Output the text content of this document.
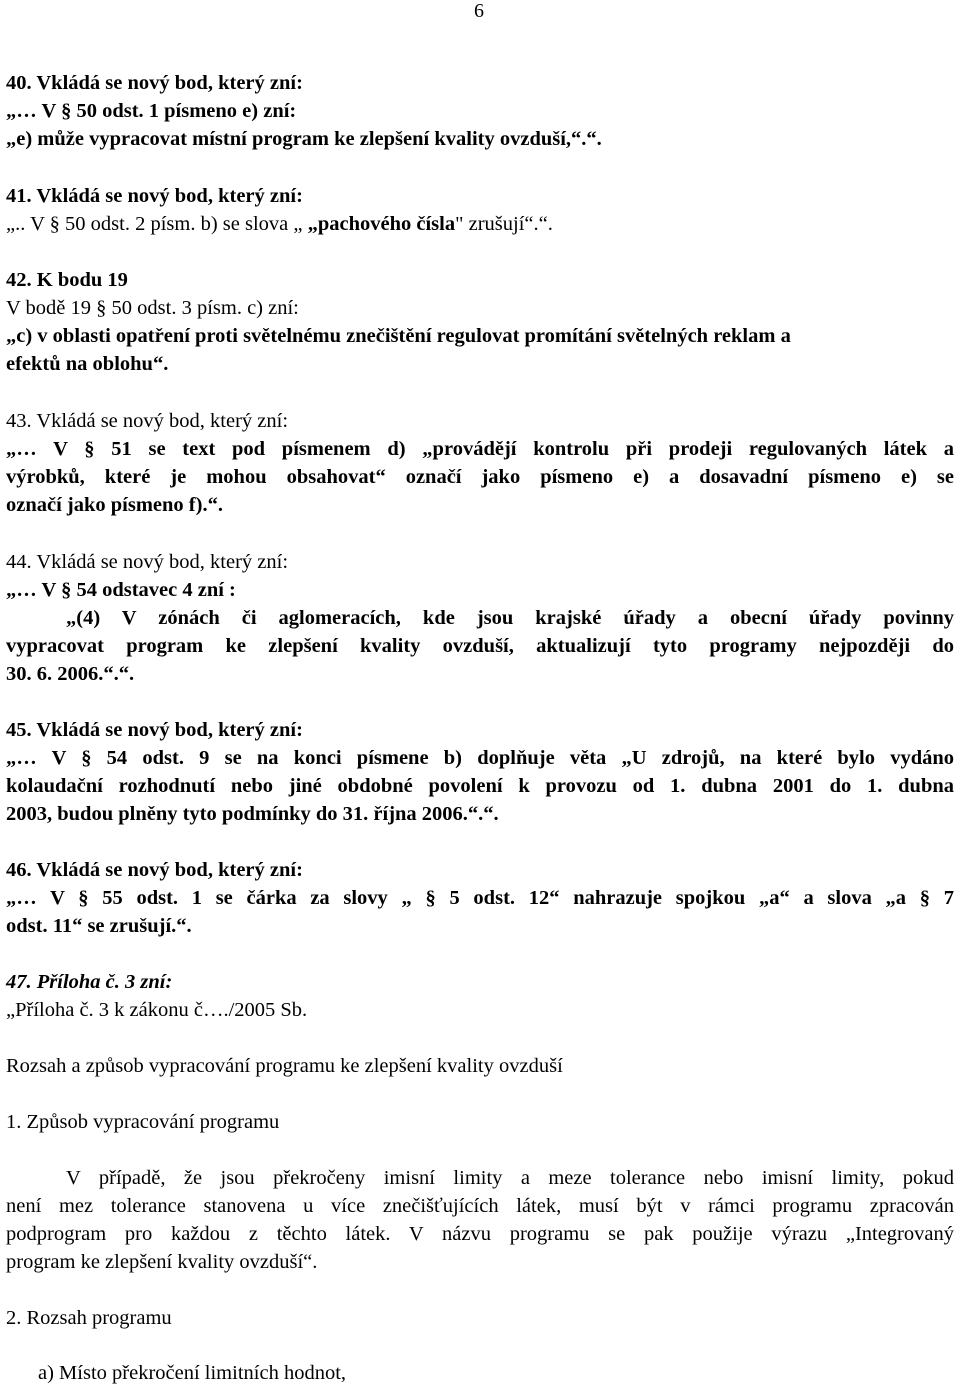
6
40. Vkládá se nový bod, který zní:
„… V § 50 odst. 1 písmeno e) zní:
„e) může vypracovat místní program ke zlepšení kvality ovzduší,“.“.
41. Vkládá se nový bod, který zní:
„.. V § 50 odst. 2 písm. b) se slova „ „pachového čísla" zrušují“.“.
42. K bodu 19
V bodě 19 § 50 odst. 3 písm. c) zní:
„c) v oblasti opatření proti světelnému znečištění regulovat promítání světelných reklam a
efektů na oblohu“.
43. Vkládá se nový bod, který zní:
„… V § 51 se text pod písmenem d) „provádějí kontrolu při prodeji regulovaných látek a
výrobků, které je mohou obsahovat“ označí jako písmeno e) a dosavadní písmeno e) se
označí jako písmeno f).“.
44. Vkládá se nový bod, který zní:
„… V § 54 odstavec 4 zní :
„(4) V zónách či aglomeracích, kde jsou krajské úřady a obecní úřady povinny
vypracovat program ke zlepšení kvality ovzduší, aktualizují tyto programy nejpozději do
30. 6. 2006.“.“.
45. Vkládá se nový bod, který zní:
„… V § 54 odst. 9 se na konci písmene b) doplňuje věta „U zdrojů, na které bylo vydáno
kolaudační rozhodnutí nebo jiné obdobné povolení k provozu od 1. dubna 2001 do 1. dubna
2003, budou plněny tyto podmínky do 31. října 2006.“.“.
46. Vkládá se nový bod, který zní:
„… V § 55 odst. 1 se čárka za slovy „ § 5 odst. 12“ nahrazuje spojkou „a“ a slova „a § 7
odst. 11“ se zrušují.“.
47. Příloha č. 3 zní:
„Příloha č. 3 k zákonu č…./2005 Sb.
Rozsah a způsob vypracování programu ke zlepšení kvality ovzduší
1. Způsob vypracování programu
V případě, že jsou překročeny imisní limity a meze tolerance nebo imisní limity, pokud
není mez tolerance stanovena u více znečišťujících látek, musí být v rámci programu zpracován
podprogram pro každou z těchto látek. V názvu programu se pak použije výrazu „Integrovaný
program ke zlepšení kvality ovzduší“.
2. Rozsah programu
a) Místo překročení limitních hodnot,
